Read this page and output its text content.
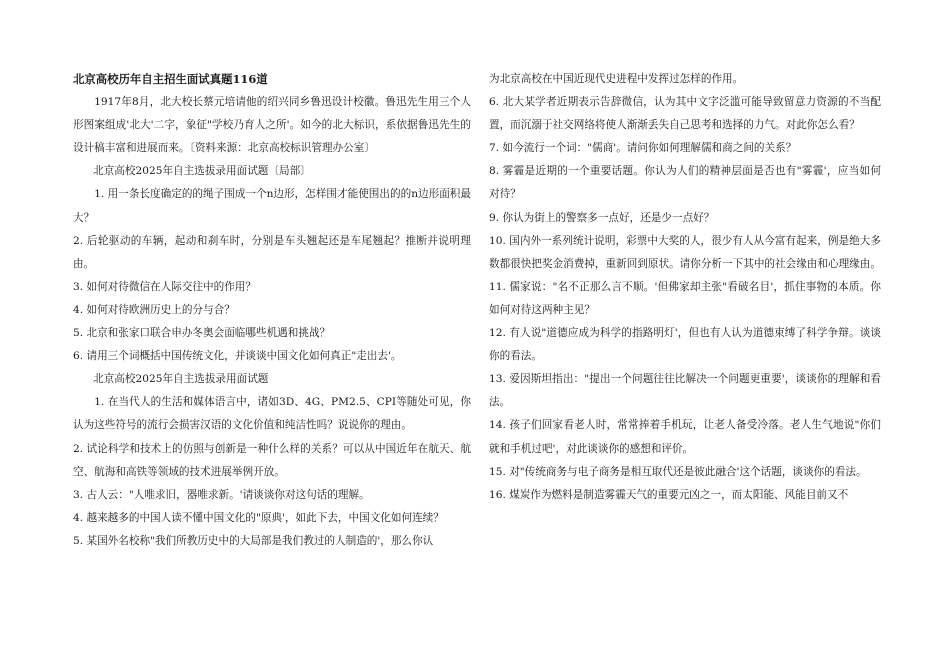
北京高校历年自主招生面试真题116道

1917年8月，北大校长蔡元培请他的绍兴同乡鲁迅设计校徽。鲁迅先生用三个人形图案组成'北大'二字，象征"学校乃育人之所'。如今的北大标识，系依据鲁迅先生的设计稿丰富和进展而来。〔资料来源：北京高校标识管理办公室〕

北京高校2025年自主选拔录用面试题〔局部〕

1. 用一条长度确定的的绳子围成一个n边形，怎样围才能使围出的的n边形面积最大？

2. 后轮驱动的车辆，起动和刹车时，分别是车头翘起还是车尾翘起？推断并说明理由。

3. 如何对待微信在人际交往中的作用？

4. 如何对待欧洲历史上的分与合？

5. 北京和张家口联合申办冬奥会面临哪些机遇和挑战？

6. 请用三个词概括中国传统文化，并谈谈中国文化如何真正"走出去'。

北京高校2025年自主选拔录用面试题

1. 在当代人的生活和媒体语言中，诸如3D、4G、PM2.5、CPI等随处可见，你认为这些符号的流行会损害汉语的文化价值和纯洁性吗？说说你的理由。

2. 试论科学和技术上的仿照与创新是一种什么样的关系？可以从中国近年在航天、航空、航海和高铁等领域的技术进展举例开放。

3. 古人云："人唯求旧，器唯求新。'请谈谈你对这句话的理解。

4. 越来越多的中国人读不懂中国文化的"原典'，如此下去，中国文化如何连续？

5. 某国外名校称"我们所教历史中的大局部是我们教过的人制造的'，那么你认

为北京高校在中国近现代史进程中发挥过怎样的作用。

6. 北大某学者近期表示告辞微信，认为其中文字泛滥可能导致留意力资源的不当配置，而沉溺于社交网络将使人渐渐丢失自己思考和选择的力气。对此你怎么看？

7. 如今流行一个词："儒商'。请问你如何理解儒和商之间的关系？

8. 雾霾是近期的一个重要话题。你认为人们的精神层面是否也有"雾霾'，应当如何对待？

9. 你认为街上的警察多一点好，还是少一点好？

10. 国内外一系列统计说明，彩票中大奖的人，很少有人从今富有起来，例是绝大多数都很快把奖金消费掉，重新回到原状。请你分析一下其中的社会缘由和心理缘由。

11. 儒家说："名不正那么言不顺。'但佛家却主张"看破名目'，抓住事物的本质。你如何对待这两种主见？

12. 有人说"道德应成为科学的指路明灯'，但也有人认为道德束缚了科学争辩。谈谈你的看法。

13. 爱因斯坦指出："提出一个问题往往比解决一个问题更重要'，谈谈你的理解和看法。

14. 孩子们回家看老人时，常常捧着手机玩，让老人备受冷落。老人生气地说"你们就和手机过吧'，对此谈谈你的感想和评价。

15. 对"传统商务与电子商务是相互取代还是彼此融合'这个话题，谈谈你的看法。

16. 煤炭作为燃料是制造雾霾天气的重要元凶之一，而太阳能、风能目前又不
